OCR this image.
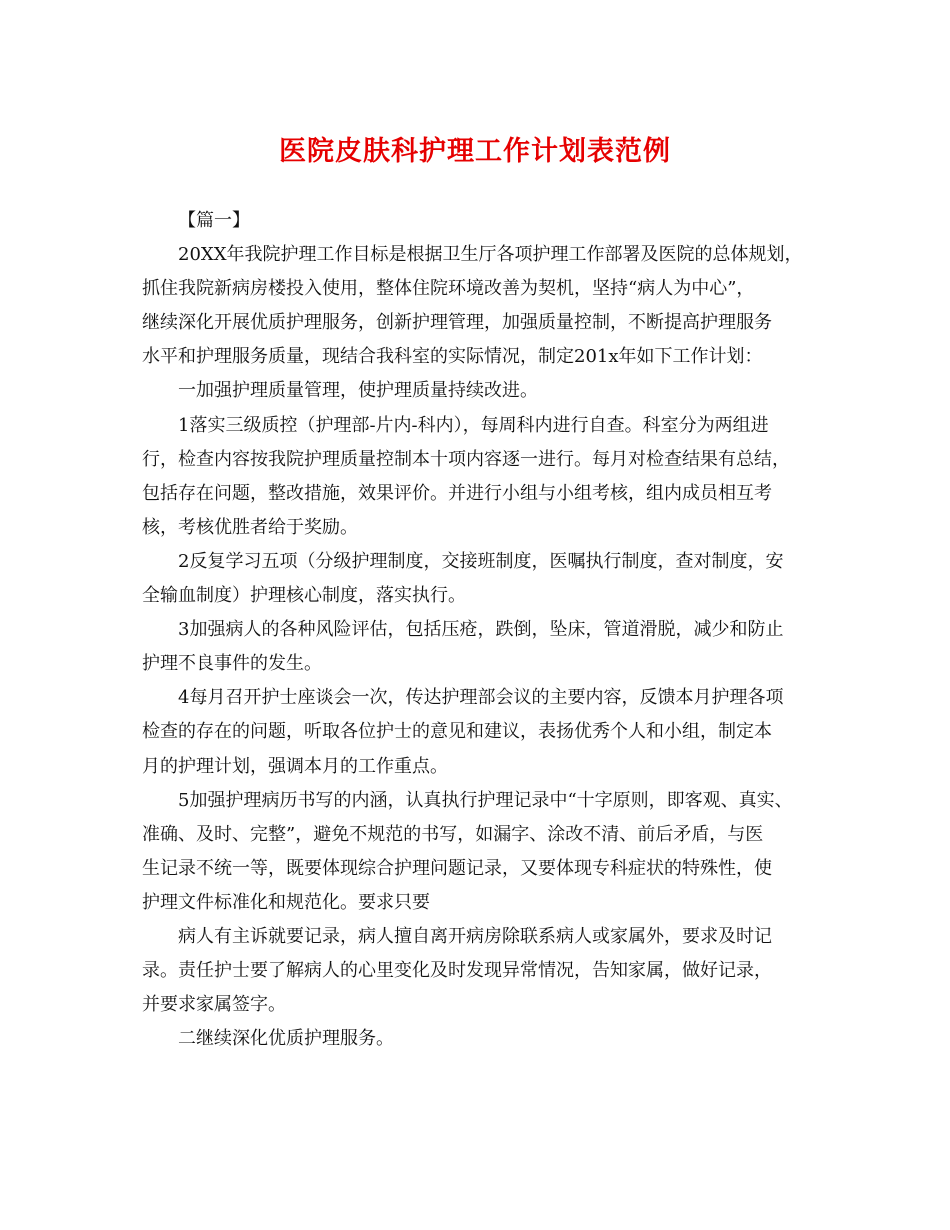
医院皮肤科护理工作计划表范例
【篇一】
20XX年我院护理工作目标是根据卫生厅各项护理工作部署及医院的总体规划，
抓住我院新病房楼投入使用，整体住院环境改善为契机，坚持“病人为中心”，
继续深化开展优质护理服务，创新护理管理，加强质量控制，不断提高护理服务
水平和护理服务质量，现结合我科室的实际情况，制定201x年如下工作计划：
一加强护理质量管理，使护理质量持续改进。
1落实三级质控（护理部-片内-科内），每周科内进行自查。科室分为两组进
行，检查内容按我院护理质量控制本十项内容逐一进行。每月对检查结果有总结，
包括存在问题，整改措施，效果评价。并进行小组与小组考核，组内成员相互考
核，考核优胜者给于奖励。
2反复学习五项（分级护理制度，交接班制度，医嘱执行制度，查对制度，安
全输血制度）护理核心制度，落实执行。
3加强病人的各种风险评估，包括压疮，跌倒，坠床，管道滑脱，减少和防止
护理不良事件的发生。
4每月召开护士座谈会一次，传达护理部会议的主要内容，反馈本月护理各项
检查的存在的问题，听取各位护士的意见和建议，表扬优秀个人和小组，制定本
月的护理计划，强调本月的工作重点。
5加强护理病历书写的内涵，认真执行护理记录中“十字原则，即客观、真实、
准确、及时、完整”，避免不规范的书写，如漏字、涂改不清、前后矛盾，与医
生记录不统一等，既要体现综合护理问题记录，又要体现专科症状的特殊性，使
护理文件标准化和规范化。要求只要
病人有主诉就要记录，病人擅自离开病房除联系病人或家属外，要求及时记
录。责任护士要了解病人的心里变化及时发现异常情况，告知家属，做好记录，
并要求家属签字。
二继续深化优质护理服务。
